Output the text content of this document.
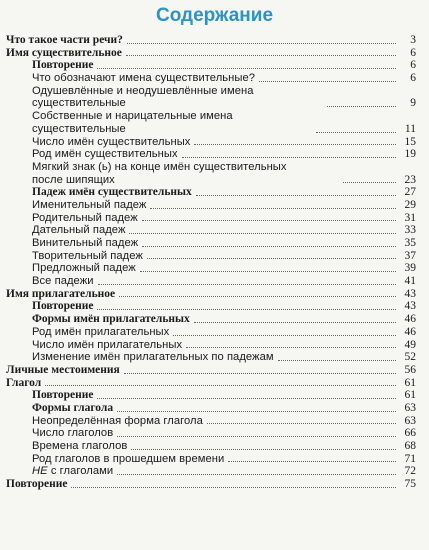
Содержание
Что такое части речи?	3
Имя существительное	6
Повторение	6
Что обозначают имена существительные?	6
Одушевлённые и неодушевлённые имена
существительные	9
Собственные и нарицательные имена
существительные	11
Число имён существительных	15
Род имён существительных	19
Мягкий знак (ь) на конце имён существительных
после шипящих	23
Падеж имён существительных	27
Именительный падеж	29
Родительный падеж	31
Дательный падеж	33
Винительный падеж	35
Творительный падеж	37
Предложный падеж	39
Все падежи	41
Имя прилагательное	43
Повторение	43
Формы имён прилагательных	46
Род имён прилагательных	46
Число имён прилагательных	49
Изменение имён прилагательных по падежам	52
Личные местоимения	56
Глагол	61
Повторение	61
Формы глагола	63
Неопределённая форма глагола	63
Число глаголов	66
Времена глаголов	68
Род глаголов в прошедшем времени	71
НЕ с глаголами	72
Повторение	75
